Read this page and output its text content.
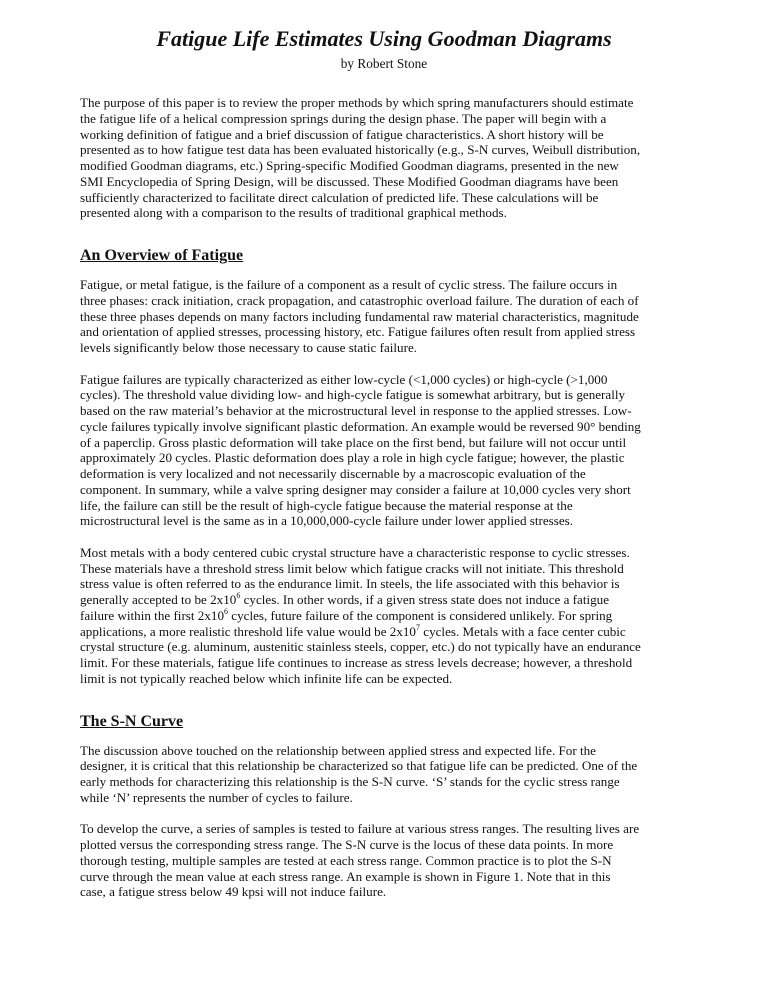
Fatigue Life Estimates Using Goodman Diagrams
by Robert Stone
The purpose of this paper is to review the proper methods by which spring manufacturers should estimate
the fatigue life of a helical compression springs during the design phase. The paper will begin with a
working definition of fatigue and a brief discussion of fatigue characteristics. A short history will be
presented as to how fatigue test data has been evaluated historically (e.g., S-N curves, Weibull distribution,
modified Goodman diagrams, etc.) Spring-specific Modified Goodman diagrams, presented in the new
SMI Encyclopedia of Spring Design, will be discussed. These Modified Goodman diagrams have been
sufficiently characterized to facilitate direct calculation of predicted life. These calculations will be
presented along with a comparison to the results of traditional graphical methods.
An Overview of Fatigue
Fatigue, or metal fatigue, is the failure of a component as a result of cyclic stress. The failure occurs in
three phases: crack initiation, crack propagation, and catastrophic overload failure. The duration of each of
these three phases depends on many factors including fundamental raw material characteristics, magnitude
and orientation of applied stresses, processing history, etc. Fatigue failures often result from applied stress
levels significantly below those necessary to cause static failure.
Fatigue failures are typically characterized as either low-cycle (<1,000 cycles) or high-cycle (>1,000
cycles). The threshold value dividing low- and high-cycle fatigue is somewhat arbitrary, but is generally
based on the raw material’s behavior at the microstructural level in response to the applied stresses. Low-
cycle failures typically involve significant plastic deformation. An example would be reversed 90° bending
of a paperclip. Gross plastic deformation will take place on the first bend, but failure will not occur until
approximately 20 cycles. Plastic deformation does play a role in high cycle fatigue; however, the plastic
deformation is very localized and not necessarily discernable by a macroscopic evaluation of the
component. In summary, while a valve spring designer may consider a failure at 10,000 cycles very short
life, the failure can still be the result of high-cycle fatigue because the material response at the
microstructural level is the same as in a 10,000,000-cycle failure under lower applied stresses.
Most metals with a body centered cubic crystal structure have a characteristic response to cyclic stresses.
These materials have a threshold stress limit below which fatigue cracks will not initiate. This threshold
stress value is often referred to as the endurance limit. In steels, the life associated with this behavior is
generally accepted to be $2x10^6$ cycles. In other words, if a given stress state does not induce a fatigue
failure within the first $2x10^6$ cycles, future failure of the component is considered unlikely. For spring
applications, a more realistic threshold life value would be $2x10^7$ cycles. Metals with a face center cubic
crystal structure (e.g. aluminum, austenitic stainless steels, copper, etc.) do not typically have an endurance
limit. For these materials, fatigue life continues to increase as stress levels decrease; however, a threshold
limit is not typically reached below which infinite life can be expected.
The S-N Curve
The discussion above touched on the relationship between applied stress and expected life. For the
designer, it is critical that this relationship be characterized so that fatigue life can be predicted. One of the
early methods for characterizing this relationship is the S-N curve. ‘S’ stands for the cyclic stress range
while ‘N’ represents the number of cycles to failure.
To develop the curve, a series of samples is tested to failure at various stress ranges. The resulting lives are
plotted versus the corresponding stress range. The S-N curve is the locus of these data points. In more
thorough testing, multiple samples are tested at each stress range. Common practice is to plot the S-N
curve through the mean value at each stress range. An example is shown in Figure 1. Note that in this
case, a fatigue stress below 49 kpsi will not induce failure.
